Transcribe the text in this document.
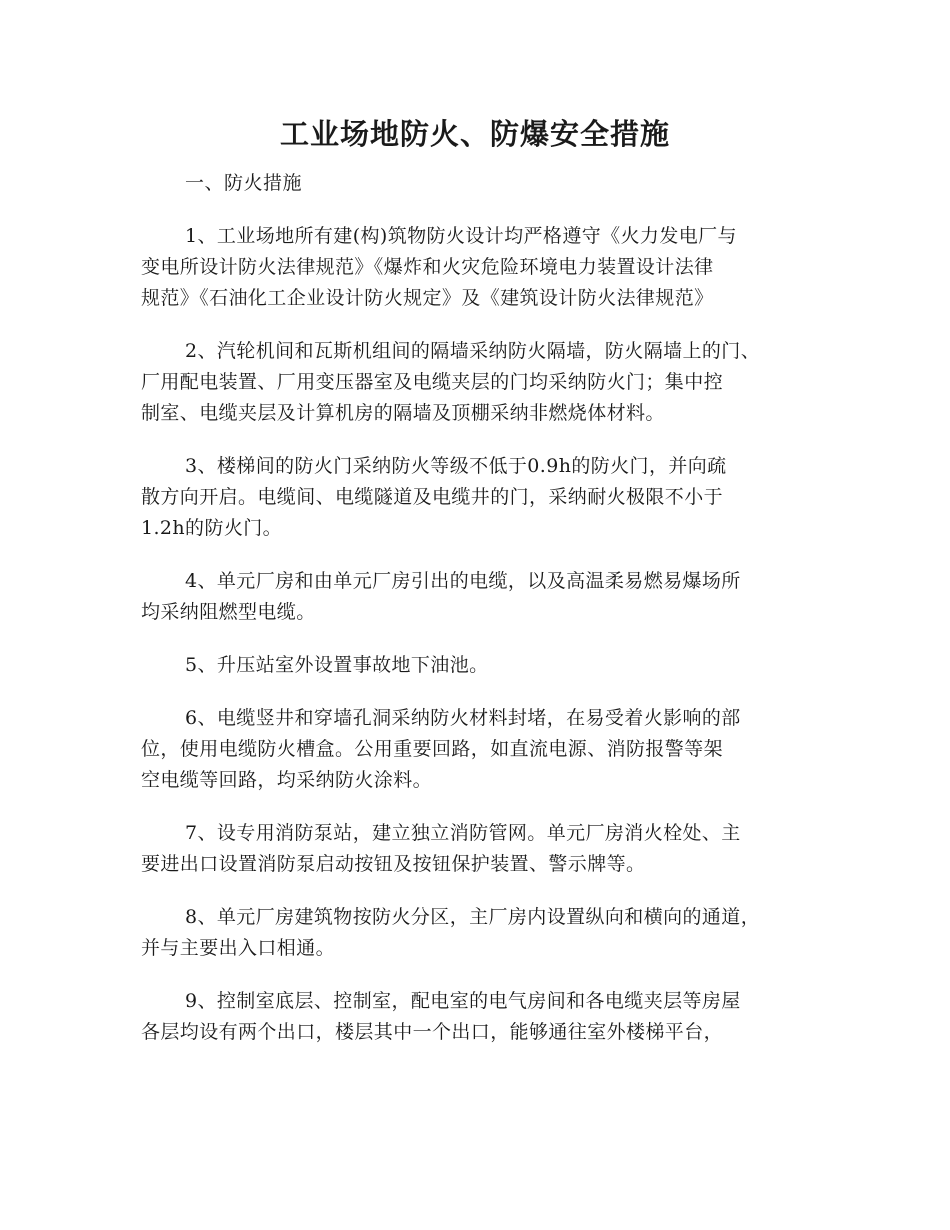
工业场地防火、防爆安全措施

一、防火措施

1、工业场地所有建(构)筑物防火设计均严格遵守《火力发电厂与
变电所设计防火法律规范》《爆炸和火灾危险环境电力装置设计法律
规范》《石油化工企业设计防火规定》及《建筑设计防火法律规范》

2、汽轮机间和瓦斯机组间的隔墙采纳防火隔墙，防火隔墙上的门、
厂用配电装置、厂用变压器室及电缆夹层的门均采纳防火门；集中控
制室、电缆夹层及计算机房的隔墙及顶棚采纳非燃烧体材料。

3、楼梯间的防火门采纳防火等级不低于0.9h的防火门，并向疏
散方向开启。电缆间、电缆隧道及电缆井的门，采纳耐火极限不小于
1.2h的防火门。

4、单元厂房和由单元厂房引出的电缆，以及高温柔易燃易爆场所
均采纳阻燃型电缆。

5、升压站室外设置事故地下油池。

6、电缆竖井和穿墙孔洞采纳防火材料封堵，在易受着火影响的部
位，使用电缆防火槽盒。公用重要回路，如直流电源、消防报警等架
空电缆等回路，均采纳防火涂料。

7、设专用消防泵站，建立独立消防管网。单元厂房消火栓处、主
要进出口设置消防泵启动按钮及按钮保护装置、警示牌等。

8、单元厂房建筑物按防火分区，主厂房内设置纵向和横向的通道，
并与主要出入口相通。

9、控制室底层、控制室，配电室的电气房间和各电缆夹层等房屋
各层均设有两个出口，楼层其中一个出口，能够通往室外楼梯平台，
